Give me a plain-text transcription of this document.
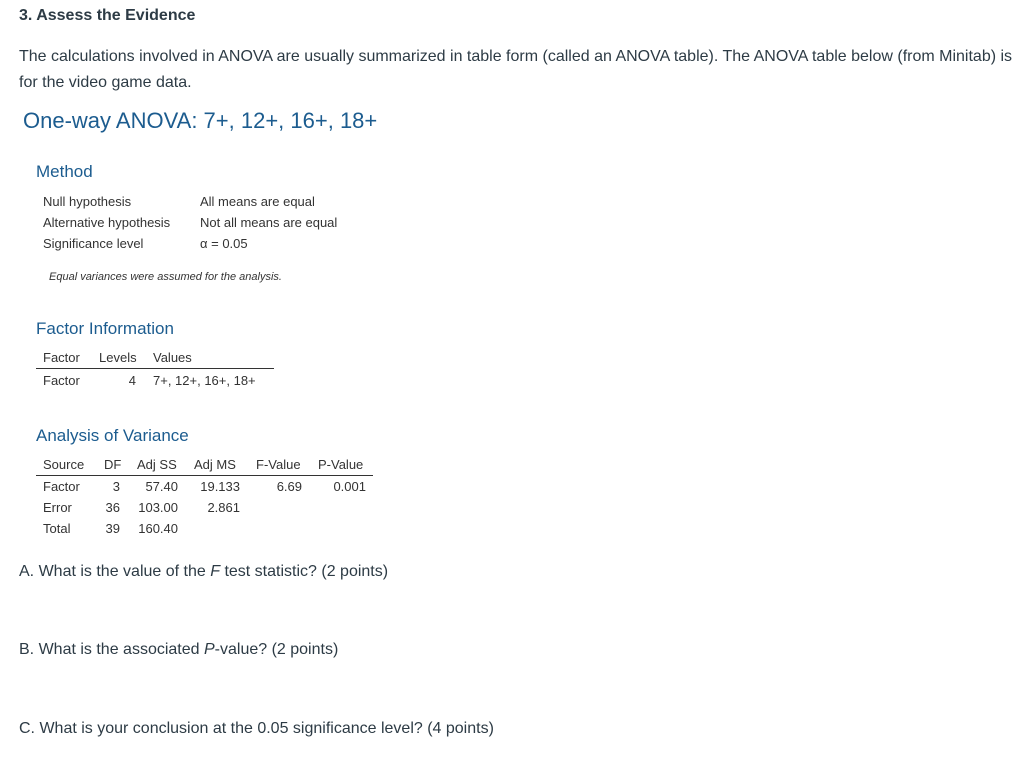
3. Assess the Evidence
The calculations involved in ANOVA are usually summarized in table form (called an ANOVA table). The ANOVA table below (from Minitab) is for the video game data.
One-way ANOVA: 7+, 12+, 16+, 18+
Method
Null hypothesis	All means are equal
Alternative hypothesis Not all means are equal
Significance level	α = 0.05
Equal variances were assumed for the analysis.
Factor Information
Factor Levels Values
Factor	4 7+, 12+, 16+, 18+
Analysis of Variance
Source DF Adj SS Adj MS F-Value P-Value
Factor	3	57.40	19.133	6.69	0.001
Error	36	103.00	2.861
Total	39	160.40
A. What is the value of the F test statistic? (2 points)
B. What is the associated P-value? (2 points)
C. What is your conclusion at the 0.05 significance level? (4 points)
